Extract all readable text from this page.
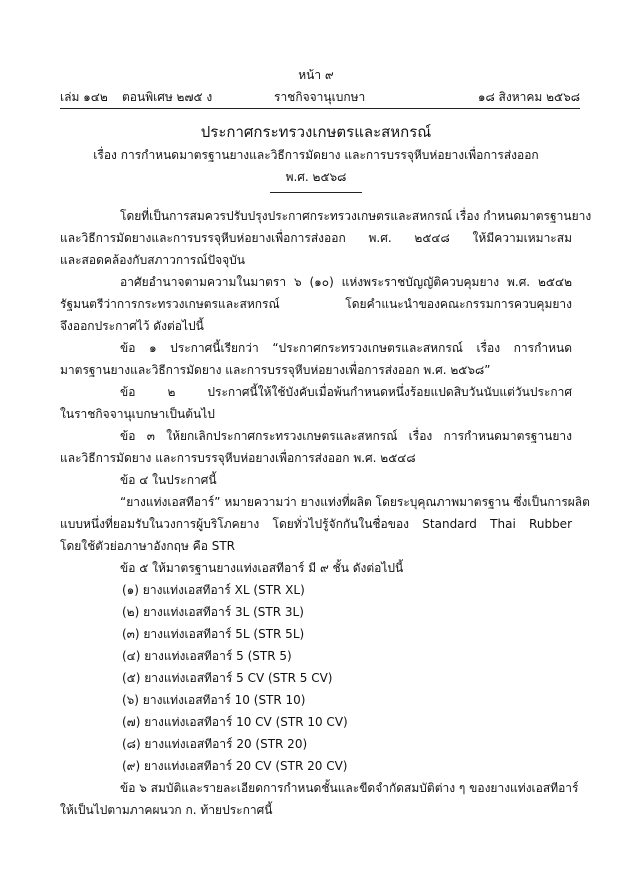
หน้า ๙
เล่ม ๑๔๒ ตอนพิเศษ ๒๗๕ ง	ราชกิจจานุเบกษา	๑๘ สิงหาคม ๒๕๖๘
ประกาศกระทรวงเกษตรและสหกรณ์
เรื่อง การกำหนดมาตรฐานยางและวิธีการมัดยาง และการบรรจุหีบห่อยางเพื่อการส่งออก
พ.ศ. ๒๕๖๘
โดยที่เป็นการสมควรปรับปรุงประกาศกระทรวงเกษตรและสหกรณ์ เรื่อง กำหนดมาตรฐานยาง
และวิธีการมัดยางและการบรรจุหีบห่อยางเพื่อการส่งออก พ.ศ. ๒๕๔๘ ให้มีความเหมาะสม
และสอดคล้องกับสภาวการณ์ปัจจุบัน
อาศัยอำนาจตามความในมาตรา ๖ (๑๐) แห่งพระราชบัญญัติควบคุมยาง พ.ศ. ๒๕๔๒
รัฐมนตรีว่าการกระทรวงเกษตรและสหกรณ์ โดยคำแนะนำของคณะกรรมการควบคุมยาง
จึงออกประกาศไว้ ดังต่อไปนี้
ข้อ ๑ ประกาศนี้เรียกว่า “ประกาศกระทรวงเกษตรและสหกรณ์ เรื่อง การกำหนด
มาตรฐานยางและวิธีการมัดยาง และการบรรจุหีบห่อยางเพื่อการส่งออก พ.ศ. ๒๕๖๘”
ข้อ ๒ ประกาศนี้ให้ใช้บังคับเมื่อพ้นกำหนดหนึ่งร้อยแปดสิบวันนับแต่วันประกาศ
ในราชกิจจานุเบกษาเป็นต้นไป
ข้อ ๓ ให้ยกเลิกประกาศกระทรวงเกษตรและสหกรณ์ เรื่อง การกำหนดมาตรฐานยาง
และวิธีการมัดยาง และการบรรจุหีบห่อยางเพื่อการส่งออก พ.ศ. ๒๕๔๘
ข้อ ๔ ในประกาศนี้
“ยางแท่งเอสทีอาร์” หมายความว่า ยางแท่งที่ผลิต โดยระบุคุณภาพมาตรฐาน ซึ่งเป็นการผลิต
แบบหนึ่งที่ยอมรับในวงการผู้บริโภคยาง โดยทั่วไปรู้จักกันในชื่อของ Standard Thai Rubber
โดยใช้ตัวย่อภาษาอังกฤษ คือ STR
ข้อ ๕ ให้มาตรฐานยางแท่งเอสทีอาร์ มี ๙ ชั้น ดังต่อไปนี้
(๑) ยางแท่งเอสทีอาร์ XL (STR XL)
(๒) ยางแท่งเอสทีอาร์ 3L (STR 3L)
(๓) ยางแท่งเอสทีอาร์ 5L (STR 5L)
(๔) ยางแท่งเอสทีอาร์ 5 (STR 5)
(๕) ยางแท่งเอสทีอาร์ 5 CV (STR 5 CV)
(๖) ยางแท่งเอสทีอาร์ 10 (STR 10)
(๗) ยางแท่งเอสทีอาร์ 10 CV (STR 10 CV)
(๘) ยางแท่งเอสทีอาร์ 20 (STR 20)
(๙) ยางแท่งเอสทีอาร์ 20 CV (STR 20 CV)
ข้อ ๖ สมบัติและรายละเอียดการกำหนดชั้นและขีดจำกัดสมบัติต่าง ๆ ของยางแท่งเอสทีอาร์
ให้เป็นไปตามภาคผนวก ก. ท้ายประกาศนี้
